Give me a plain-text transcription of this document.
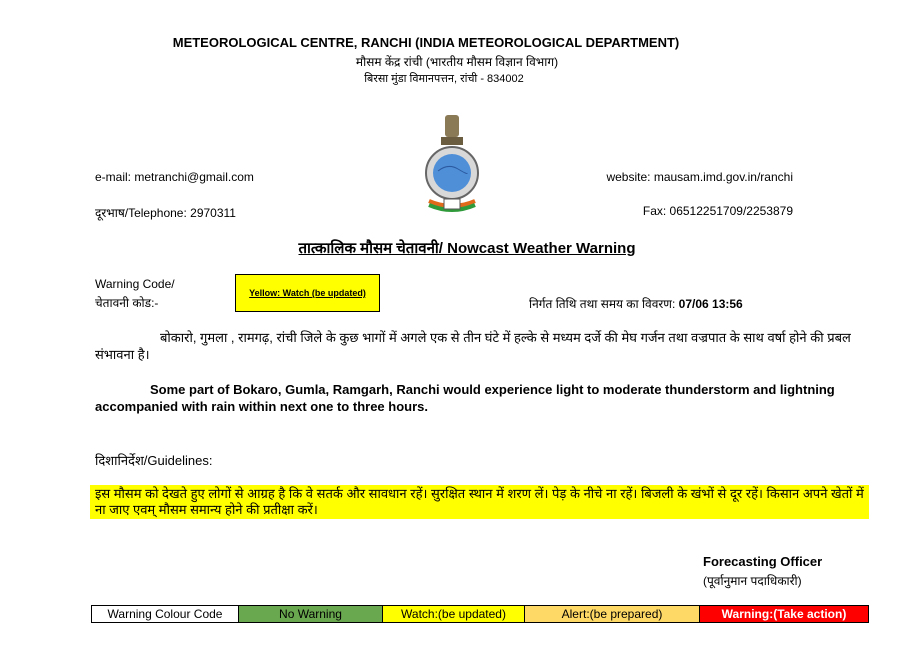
METEOROLOGICAL CENTRE, RANCHI (INDIA METEOROLOGICAL DEPARTMENT)
मौसम केंद्र रांची (भारतीय मौसम विज्ञान विभाग)
बिरसा मुंडा विमानपत्तन, रांची - 834002
e-mail: metranchi@gmail.com	website: mausam.imd.gov.in/ranchi
दूरभाष/Telephone: 2970311	Fax: 06512251709/2253879
तात्कालिक मौसम चेतावनी/ Nowcast Weather Warning
Warning Code/
चेतावनी कोड:-
Yellow: Watch (be updated)
निर्गत तिथि तथा समय का विवरण: 07/06 13:56
बोकारो, गुमला , रामगढ़, रांची जिले के कुछ भागों में अगले एक से तीन घंटे में हल्के से मध्यम दर्जे की मेघ गर्जन तथा वज्रपात के साथ वर्षा होने की प्रबल संभावना है।
Some part of Bokaro, Gumla, Ramgarh, Ranchi would experience light to moderate thunderstorm and lightning accompanied with rain within next one to three hours.
दिशानिर्देश/Guidelines:
इस मौसम को देखते हुए लोगों से आग्रह है कि वे सतर्क और सावधान रहें। सुरक्षित स्थान में शरण लें। पेड़ के नीचे ना रहें। बिजली के खंभों से दूर रहें। किसान अपने खेतों में ना जाए एवम् मौसम समान्य होने की प्रतीक्षा करें।
Forecasting Officer
(पूर्वानुमान पदाधिकारी)
Warning Colour Code	No Warning	Watch:(be updated)	Alert:(be prepared)	Warning:(Take action)
